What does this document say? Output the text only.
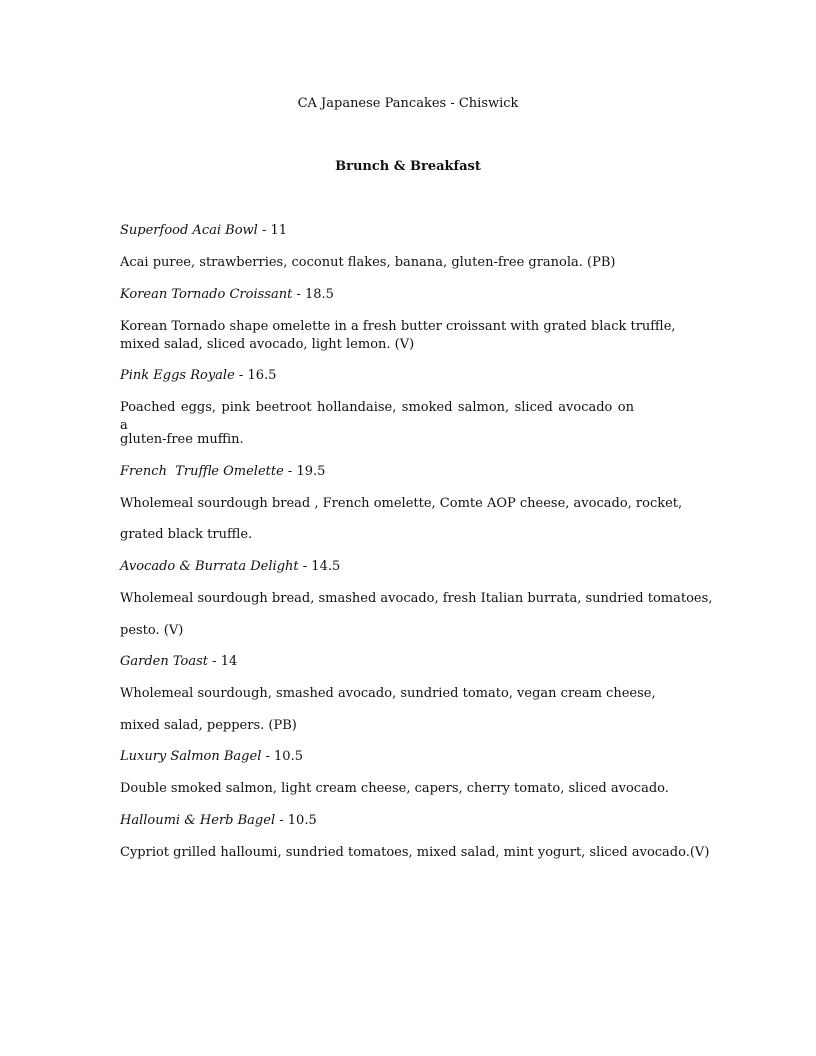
CA Japanese Pancakes - Chiswick
Brunch & Breakfast
Superfood Acai Bowl - 11
Acai puree, strawberries, coconut flakes, banana, gluten-free granola. (PB)
Korean Tornado Croissant - 18.5
Korean Tornado shape omelette in a fresh butter croissant with grated black truffle, mixed salad, sliced avocado, light lemon. (V)
Pink Eggs Royale - 16.5
Poached eggs, pink beetroot hollandaise, smoked salmon, sliced avocado on a
gluten-free muffin.
French  Truffle Omelette - 19.5
Wholemeal sourdough bread , French omelette, Comte AOP cheese, avocado, rocket,
grated black truffle.
Avocado & Burrata Delight - 14.5
Wholemeal sourdough bread, smashed avocado, fresh Italian burrata, sundried tomatoes,
pesto. (V)
Garden Toast - 14
Wholemeal sourdough, smashed avocado, sundried tomato, vegan cream cheese,
mixed salad, peppers. (PB)
Luxury Salmon Bagel - 10.5
Double smoked salmon, light cream cheese, capers, cherry tomato, sliced avocado.
Halloumi & Herb Bagel - 10.5
Cypriot grilled halloumi, sundried tomatoes, mixed salad, mint yogurt, sliced avocado.(V)
